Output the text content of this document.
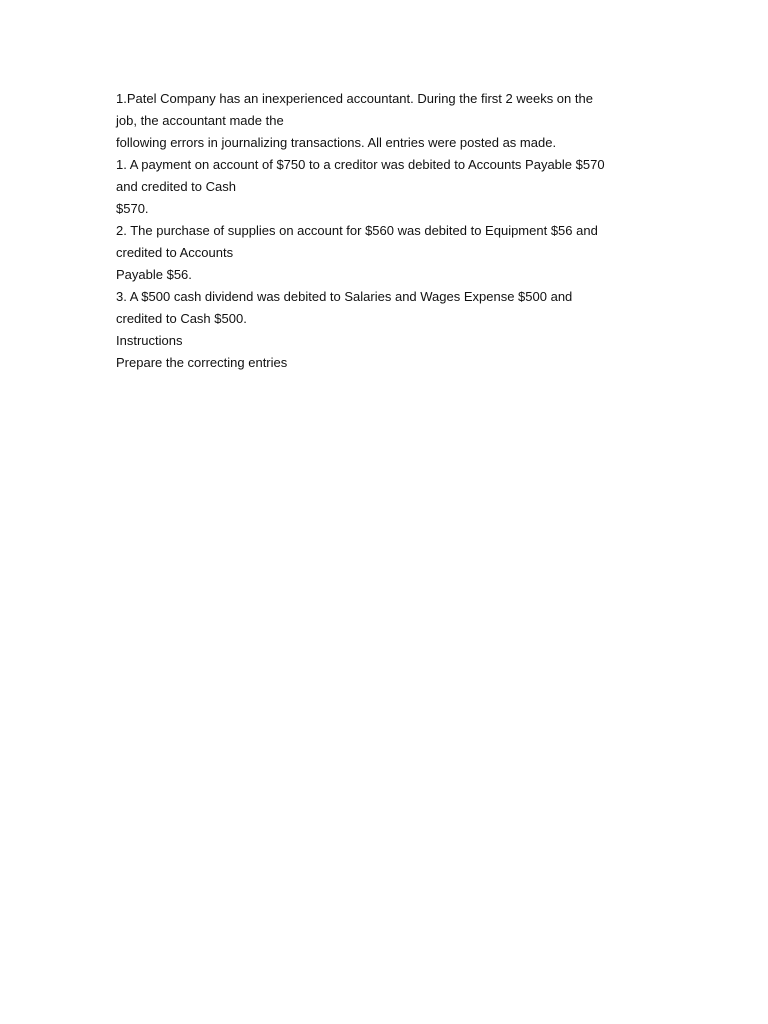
1.Patel Company has an inexperienced accountant. During the first 2 weeks on the
job, the accountant made the
following errors in journalizing transactions. All entries were posted as made.
1. A payment on account of $750 to a creditor was debited to Accounts Payable $570
and credited to Cash
$570.
2. The purchase of supplies on account for $560 was debited to Equipment $56 and
credited to Accounts
Payable $56.
3. A $500 cash dividend was debited to Salaries and Wages Expense $500 and
credited to Cash $500.
Instructions
Prepare the correcting entries
